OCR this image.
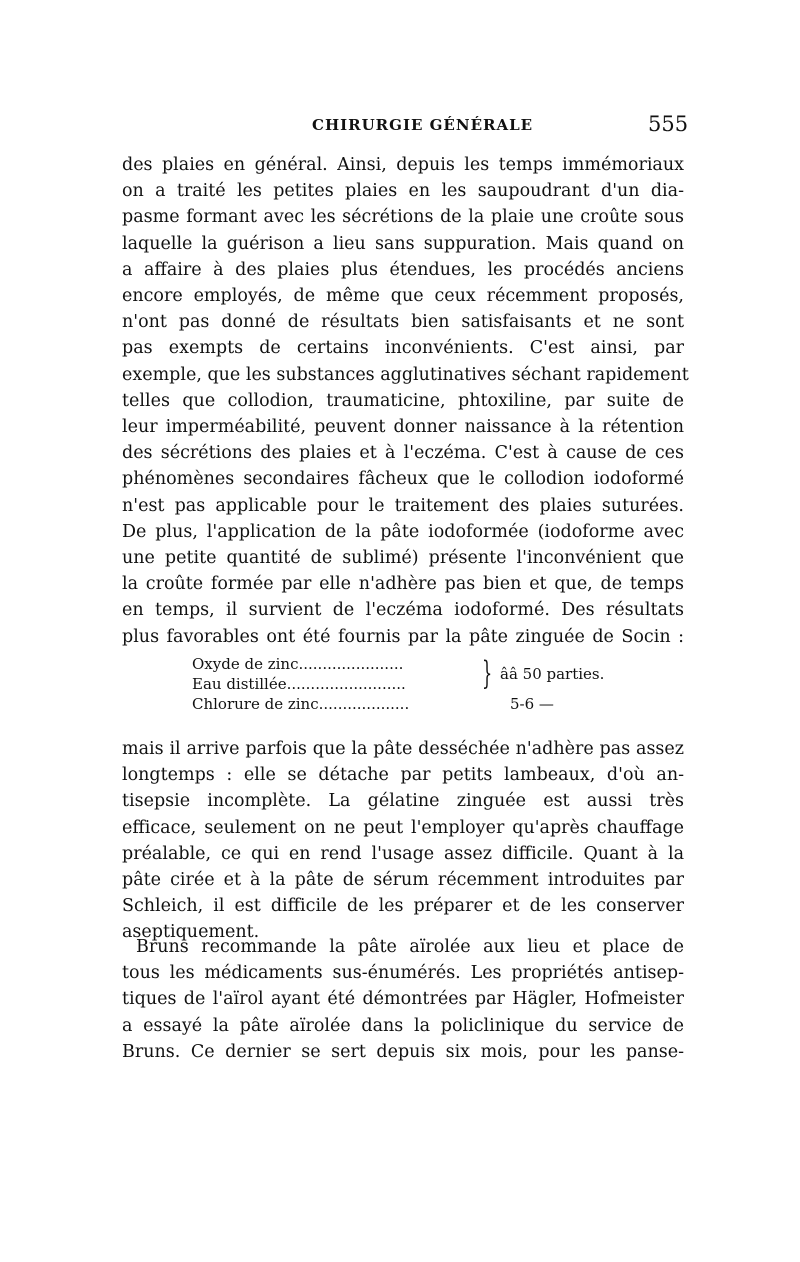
CHIRURGIE GÉNÉRALE	555
des plaies en général. Ainsi, depuis les temps immémoriaux
on a traité les petites plaies en les saupoudrant d'un dia-
pasme formant avec les sécrétions de la plaie une croûte sous
laquelle la guérison a lieu sans suppuration. Mais quand on
a affaire à des plaies plus étendues, les procédés anciens
encore employés, de même que ceux récemment proposés,
n'ont pas donné de résultats bien satisfaisants et ne sont
pas exempts de certains inconvénients. C'est ainsi, par
exemple, que les substances agglutinatives séchant rapidement
telles que collodion, traumaticine, phtoxiline, par suite de
leur imperméabilité, peuvent donner naissance à la rétention
des sécrétions des plaies et à l'eczéma. C'est à cause de ces
phénomènes secondaires fâcheux que le collodion iodoformé
n'est pas applicable pour le traitement des plaies suturées.
De plus, l'application de la pâte iodoformée (iodoforme avec
une petite quantité de sublimé) présente l'inconvénient que
la croûte formée par elle n'adhère pas bien et que, de temps
en temps, il survient de l'eczéma iodoformé. Des résultats
plus favorables ont été fournis par la pâte zinguée de Socin :
Oxyde de zinc......................
Eau distillée......................... } ââ 50 parties.
Chlorure de zinc...................	5-6 —
mais il arrive parfois que la pâte desséchée n'adhère pas assez
longtemps : elle se détache par petits lambeaux, d'où an-
tisepsie incomplète. La gélatine zinguée est aussi très
efficace, seulement on ne peut l'employer qu'après chauffage
préalable, ce qui en rend l'usage assez difficile. Quant à la
pâte cirée et à la pâte de sérum récemment introduites par
Schleich, il est difficile de les préparer et de les conserver
aseptiquement.
Bruns recommande la pâte aïrolée aux lieu et place de
tous les médicaments sus-énumérés. Les propriétés antisep-
tiques de l'aïrol ayant été démontrées par Hägler, Hofmeister
a essayé la pâte aïrolée dans la policlinique du service de
Bruns. Ce dernier se sert depuis six mois, pour les panse-
